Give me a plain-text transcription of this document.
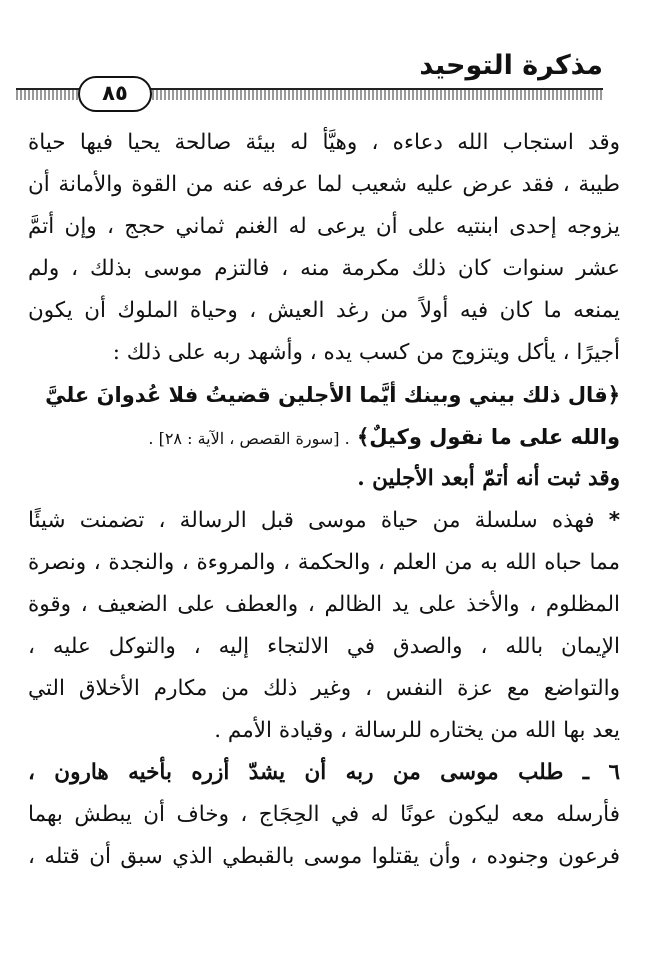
مذكرة التوحيد
٨٥
وقد استجاب الله دعاءه ، وهيَّأ له بيئة صالحة يحيا فيها حياة
طيبة ، فقد عرض عليه شعيب لما عرفه عنه من القوة والأمانة أن
يزوجه إحدى ابنتيه على أن يرعى له الغنم ثماني حجج ، وإن أتمَّ
عشر سنوات كان ذلك مكرمة منه ، فالتزم موسى بذلك ، ولم
يمنعه ما كان فيه أولاً من رغد العيش ، وحياة الملوك أن يكون
أجيرًا ، يأكل ويتزوج من كسب يده ، وأشهد ربه على ذلك :
﴿قال ذلك بيني وبينك أيَّما الأجلين قضيتُ فلا عُدوانَ عليَّ
والله على ما نقول وكيلٌ﴾ . [سورة القصص ، الآية : ٢٨] .
وقد ثبت أنه أتمّ أبعد الأجلين .
* فهذه سلسلة من حياة موسى قبل الرسالة ، تضمنت شيئًا
مما حباه الله به من العلم ، والحكمة ، والمروءة ، والنجدة ، ونصرة
المظلوم ، والأخذ على يد الظالم ، والعطف على الضعيف ، وقوة
الإيمان بالله ، والصدق في الالتجاء إليه ، والتوكل عليه ،
والتواضع مع عزة النفس ، وغير ذلك من مكارم الأخلاق التي
يعد بها الله من يختاره للرسالة ، وقيادة الأمم .
٦ ـ طلب موسى من ربه أن يشدّ أزره بأخيه هارون ،
فأرسله معه ليكون عونًا له في الحِجَاج ، وخاف أن يبطش بهما
فرعون وجنوده ، وأن يقتلوا موسى بالقبطي الذي سبق أن قتله ،
